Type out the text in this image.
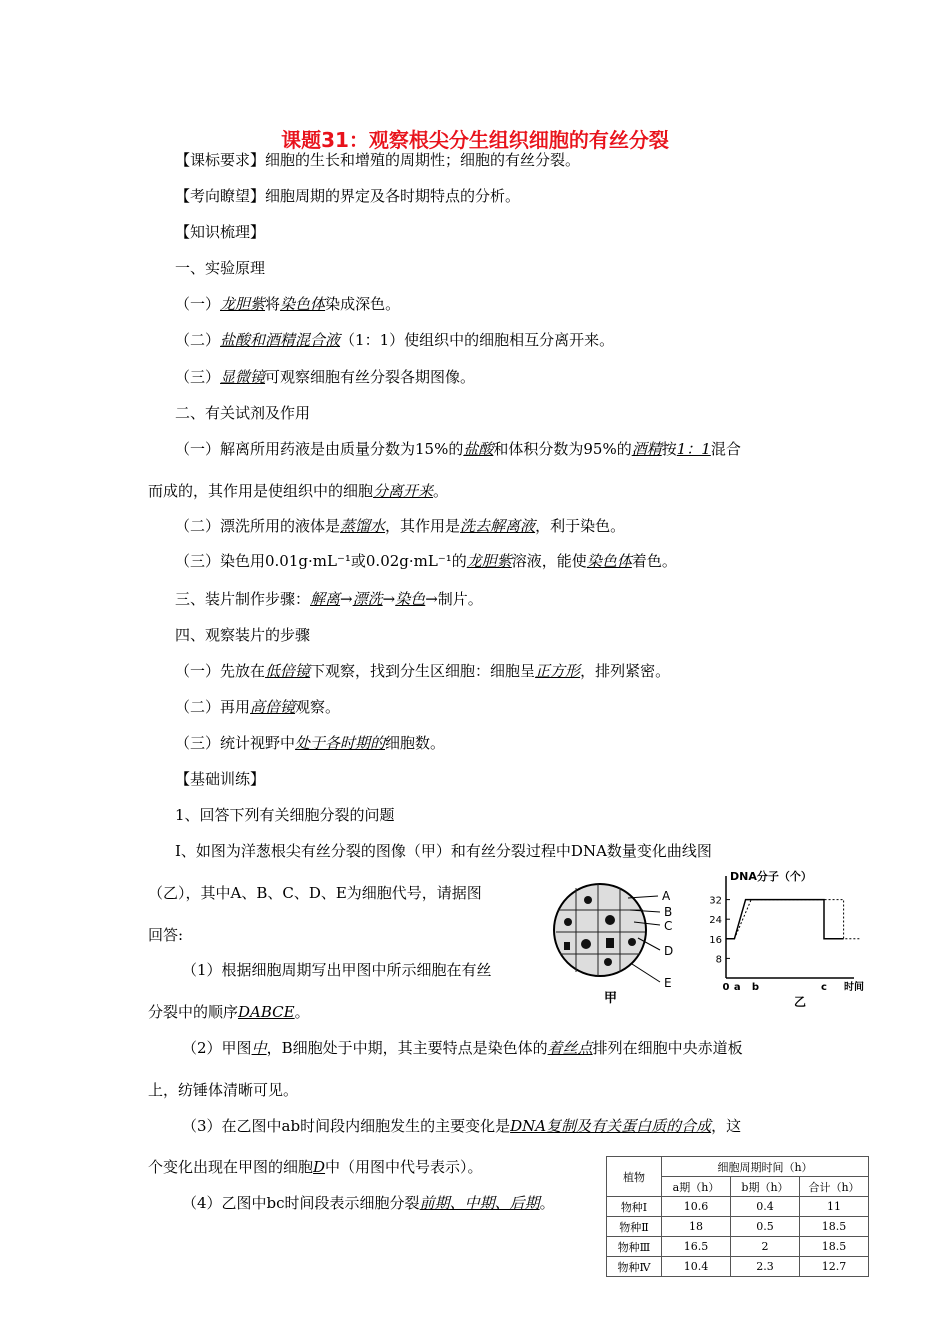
课题31：观察根尖分生组织细胞的有丝分裂
【课标要求】细胞的生长和增殖的周期性；细胞的有丝分裂。
【考向瞭望】细胞周期的界定及各时期特点的分析。
【知识梳理】
一、实验原理
（一）龙胆紫将染色体染成深色。
（二）盐酸和酒精混合液（1：1）使组织中的细胞相互分离开来。
（三）显微镜可观察细胞有丝分裂各期图像。
二、有关试剂及作用
（一）解离所用药液是由质量分数为15%的盐酸和体积分数为95%的酒精按1：1混合
而成的，其作用是使组织中的细胞分离开来。
（二）漂洗所用的液体是蒸馏水，其作用是洗去解离液，利于染色。
（三）染色用0.01g·mL⁻¹或0.02g·mL⁻¹的龙胆紫溶液，能使染色体着色。
三、装片制作步骤：解离→漂洗→染色→制片。
四、观察装片的步骤
（一）先放在低倍镜下观察，找到分生区细胞：细胞呈正方形，排列紧密。
（二）再用高倍镜观察。
（三）统计视野中处于各时期的细胞数。
【基础训练】
1、回答下列有关细胞分裂的问题
Ⅰ、如图为洋葱根尖有丝分裂的图像（甲）和有丝分裂过程中DNA数量变化曲线图
（乙），其中A、B、C、D、E为细胞代号，请据图
回答:
（1）根据细胞周期写出甲图中所示细胞在有丝
分裂中的顺序DABCE。
（2）甲图中，B细胞处于中期，其主要特点是染色体的着丝点排列在细胞中央赤道板
上，纺锤体清晰可见。
（3）在乙图中ab时间段内细胞发生的主要变化是DNA复制及有关蛋白质的合成，这
个变化出现在甲图的细胞D中（用图中代号表示）。
（4）乙图中bc时间段表示细胞分裂前期、中期、后期。
A
B
C
D
E
甲
DNA分子（个）
8
16
24
32
0 a b	c 时间
乙
植物	细胞周期时间（h）		
	a期（h）	b期（h）	合计（h）
物种Ⅰ	10.6	0.4	11
物种Ⅱ	18	0.5	18.5
物种Ⅲ	16.5	2	18.5
物种Ⅳ	10.4	2.3	12.7
